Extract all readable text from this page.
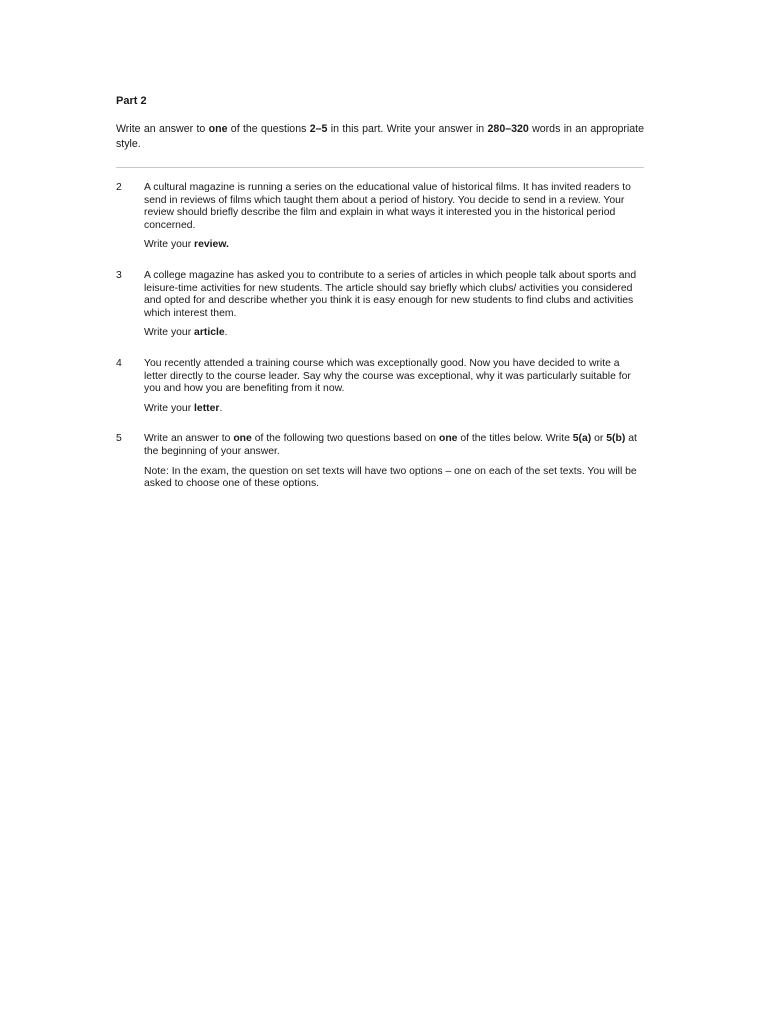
Part 2

Write an answer to one of the questions 2–5 in this part. Write your answer in 280–320 words in an appropriate style.

2	A cultural magazine is running a series on the educational value of historical films. It has invited readers to send in reviews of films which taught them about a period of history. You decide to send in a review. Your review should briefly describe the film and explain in what ways it interested you in the historical period concerned.

Write your review.

3	A college magazine has asked you to contribute to a series of articles in which people talk about sports and leisure-time activities for new students. The article should say briefly which clubs/ activities you considered and opted for and describe whether you think it is easy enough for new students to find clubs and activities which interest them.

Write your article.

4	You recently attended a training course which was exceptionally good. Now you have decided to write a letter directly to the course leader. Say why the course was exceptional, why it was particularly suitable for you and how you are benefiting from it now.

Write your letter.

5	Write an answer to one of the following two questions based on one of the titles below. Write 5(a) or 5(b) at the beginning of your answer.

Note: In the exam, the question on set texts will have two options – one on each of the set texts. You will be asked to choose one of these options.
